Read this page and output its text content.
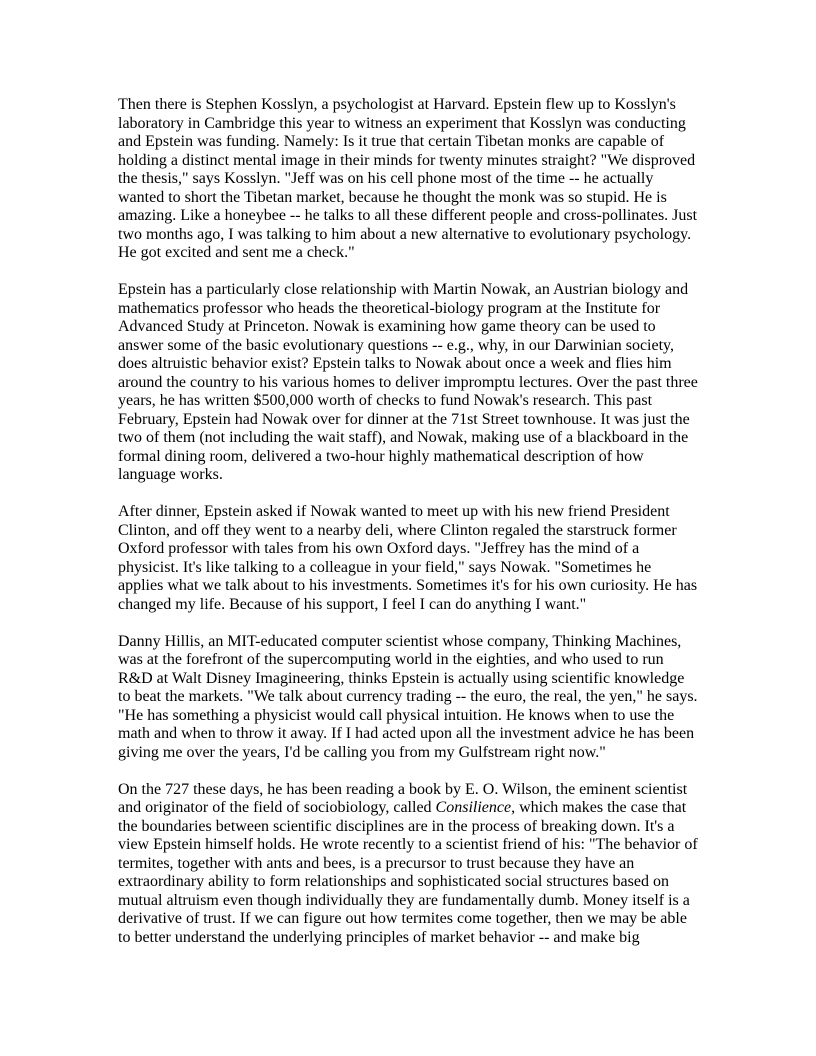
Then there is Stephen Kosslyn, a psychologist at Harvard. Epstein flew up to Kosslyn's laboratory in Cambridge this year to witness an experiment that Kosslyn was conducting and Epstein was funding. Namely: Is it true that certain Tibetan monks are capable of holding a distinct mental image in their minds for twenty minutes straight? "We disproved the thesis," says Kosslyn. "Jeff was on his cell phone most of the time -- he actually wanted to short the Tibetan market, because he thought the monk was so stupid. He is amazing. Like a honeybee -- he talks to all these different people and cross-pollinates. Just two months ago, I was talking to him about a new alternative to evolutionary psychology. He got excited and sent me a check."

Epstein has a particularly close relationship with Martin Nowak, an Austrian biology and mathematics professor who heads the theoretical-biology program at the Institute for Advanced Study at Princeton. Nowak is examining how game theory can be used to answer some of the basic evolutionary questions -- e.g., why, in our Darwinian society, does altruistic behavior exist? Epstein talks to Nowak about once a week and flies him around the country to his various homes to deliver impromptu lectures. Over the past three years, he has written $500,000 worth of checks to fund Nowak's research. This past February, Epstein had Nowak over for dinner at the 71st Street townhouse. It was just the two of them (not including the wait staff), and Nowak, making use of a blackboard in the formal dining room, delivered a two-hour highly mathematical description of how language works.

After dinner, Epstein asked if Nowak wanted to meet up with his new friend President Clinton, and off they went to a nearby deli, where Clinton regaled the starstruck former Oxford professor with tales from his own Oxford days. "Jeffrey has the mind of a physicist. It's like talking to a colleague in your field," says Nowak. "Sometimes he applies what we talk about to his investments. Sometimes it's for his own curiosity. He has changed my life. Because of his support, I feel I can do anything I want."

Danny Hillis, an MIT-educated computer scientist whose company, Thinking Machines, was at the forefront of the supercomputing world in the eighties, and who used to run R&D at Walt Disney Imagineering, thinks Epstein is actually using scientific knowledge to beat the markets. "We talk about currency trading -- the euro, the real, the yen," he says. "He has something a physicist would call physical intuition. He knows when to use the math and when to throw it away. If I had acted upon all the investment advice he has been giving me over the years, I'd be calling you from my Gulfstream right now."

On the 727 these days, he has been reading a book by E. O. Wilson, the eminent scientist and originator of the field of sociobiology, called Consilience, which makes the case that the boundaries between scientific disciplines are in the process of breaking down. It's a view Epstein himself holds. He wrote recently to a scientist friend of his: "The behavior of termites, together with ants and bees, is a precursor to trust because they have an extraordinary ability to form relationships and sophisticated social structures based on mutual altruism even though individually they are fundamentally dumb. Money itself is a derivative of trust. If we can figure out how termites come together, then we may be able to better understand the underlying principles of market behavior -- and make big
